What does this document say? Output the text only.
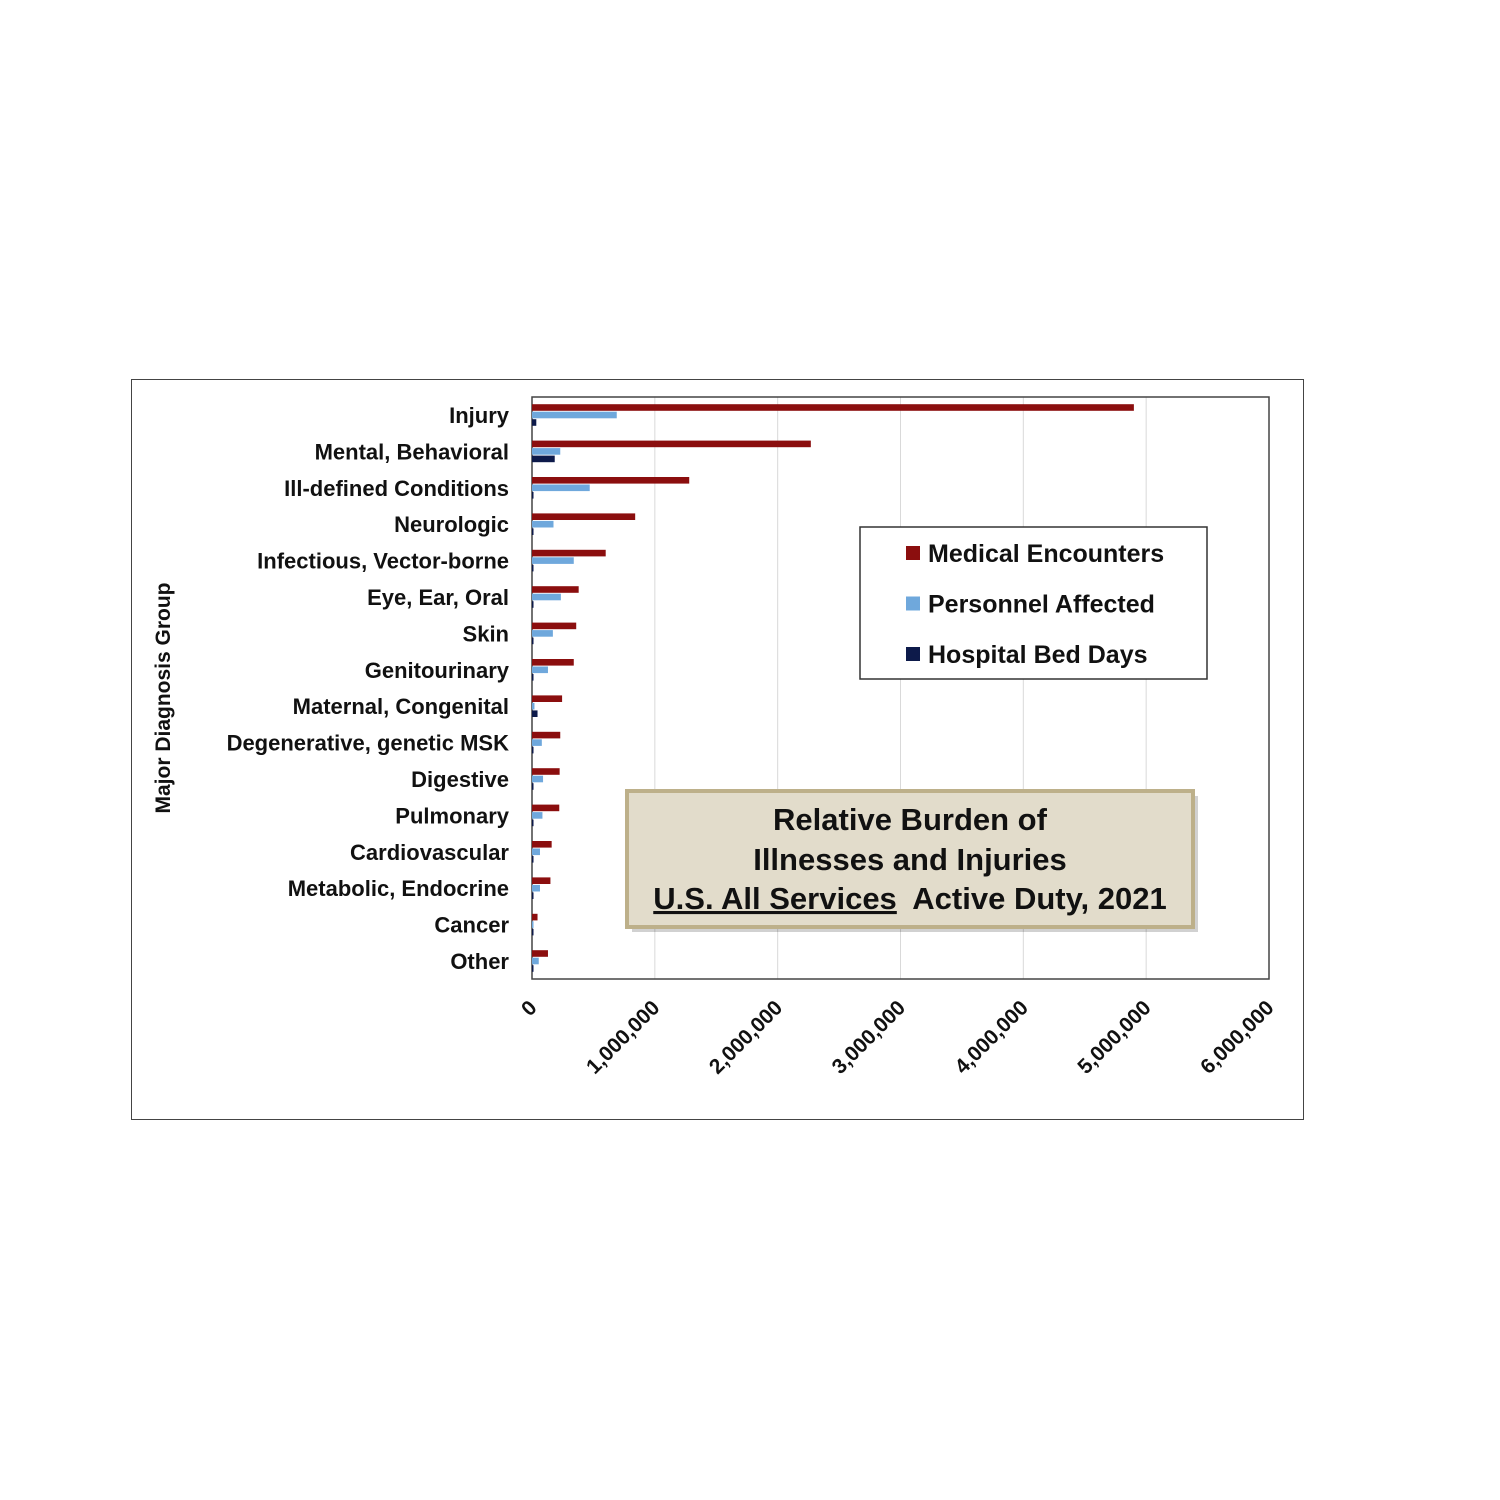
Injury
Mental, Behavioral
Ill-defined Conditions
Neurologic
Infectious, Vector-borne
Eye, Ear, Oral
Skin
Genitourinary
Maternal, Congenital
Degenerative, genetic MSK
Digestive
Pulmonary
Cardiovascular
Metabolic, Endocrine
Cancer
Other
0 1,000,000 2,000,000 3,000,000 4,000,000 5,000,000 6,000,000
Major Diagnosis Group
Medical Encounters
Personnel Affected
Hospital Bed Days
Relative Burden of
Illnesses and Injuries
U.S. All Services Active Duty, 2021
